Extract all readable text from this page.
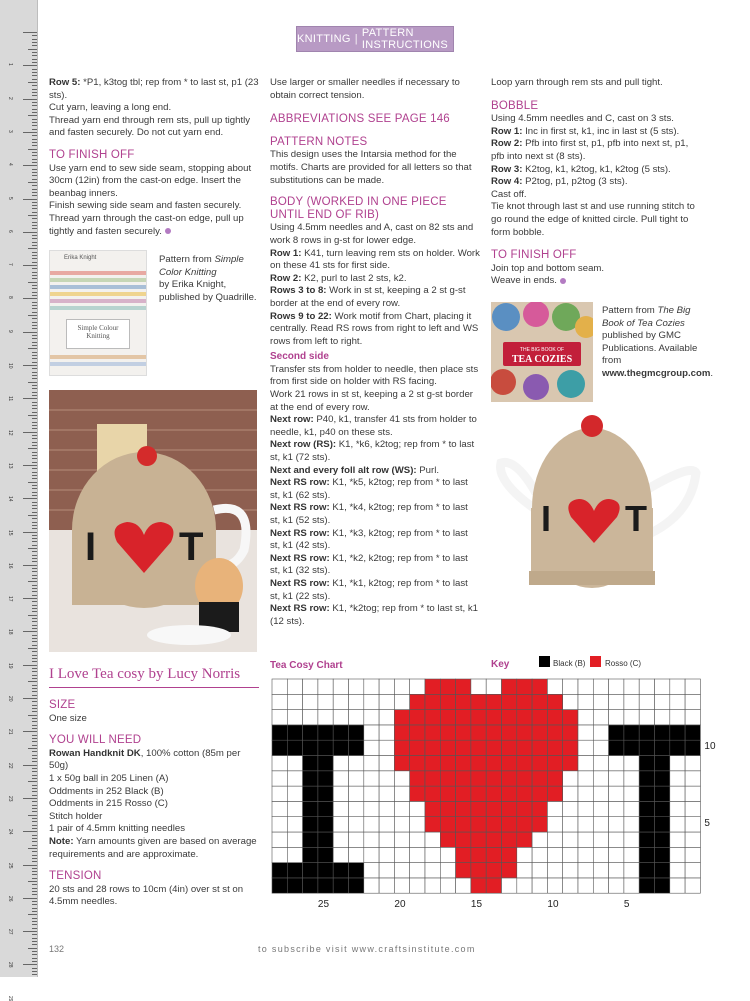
1
2
3
4
5
6
7
8
9
10
11
12
13
14
15
16
17
18
19
20
21
22
23
24
25
26
27
28
29
KNITTING | PATTERN INSTRUCTIONS

Row 5: *P1, k3tog tbl; rep from * to last st, p1 (23 sts).

Cut yarn, leaving a long end.

Thread yarn end through rem sts, pull up tightly and fasten securely. Do not cut yarn end.

TO FINISH OFF

Use yarn end to sew side seam, stopping about 30cm (12in) from the cast-on edge. Insert the beanbag inners.

Finish sewing side seam and fasten securely. Thread yarn through the cast-on edge, pull up tightly and fasten securely.

Erika Knight
Simple Colour Knitting
Pattern from Simple Color Knitting
by Erika Knight, published by Quadrille.
I T
I Love Tea cosy by Lucy Norris
SIZE

One size

YOU WILL NEED

Rowan Handknit DK, 100% cotton (85m per 50g)

1 x 50g ball in 205 Linen (A)

Oddments in 252 Black (B)

Oddments in 215 Rosso (C)

Stitch holder

1 pair of 4.5mm knitting needles

Note: Yarn amounts given are based on average requirements and are approximate.

TENSION

20 sts and 28 rows to 10cm (4in) over st st on 4.5mm needles.

Use larger or smaller needles if necessary to obtain correct tension.

ABBREVIATIONS SEE PAGE 146
PATTERN NOTES

This design uses the Intarsia method for the motifs. Charts are provided for all letters so that substitutions can be made.

BODY (WORKED IN ONE PIECE UNTIL END OF RIB)

Using 4.5mm needles and A, cast on 82 sts and work 8 rows in g-st for lower edge.

Row 1: K41, turn leaving rem sts on holder. Work on these 41 sts for first side.

Row 2: K2, purl to last 2 sts, k2.

Rows 3 to 8: Work in st st, keeping a 2 st g-st border at the end of every row.

Rows 9 to 22: Work motif from Chart, placing it centrally. Read RS rows from right to left and WS rows from left to right.

Second side

Transfer sts from holder to needle, then place sts from first side on holder with RS facing.

Work 21 rows in st st, keeping a 2 st g-st border at the end of every row.

Next row: P40, k1, transfer 41 sts from holder to needle, k1, p40 on these sts.

Next row (RS): K1, *k6, k2tog; rep from * to last st, k1 (72 sts).

Next and every foll alt row (WS): Purl.

Next RS row: K1, *k5, k2tog; rep from * to last st, k1 (62 sts).

Next RS row: K1, *k4, k2tog; rep from * to last st, k1 (52 sts).

Next RS row: K1, *k3, k2tog; rep from * to last st, k1 (42 sts).

Next RS row: K1, *k2, k2tog; rep from * to last st, k1 (32 sts).

Next RS row: K1, *k1, k2tog; rep from * to last st, k1 (22 sts).

Next RS row: K1, *k2tog; rep from * to last st, k1 (12 sts).

Loop yarn through rem sts and pull tight.

BOBBLE

Using 4.5mm needles and C, cast on 3 sts.

Row 1: Inc in first st, k1, inc in last st (5 sts).

Row 2: Pfb into first st, p1, pfb into next st, p1, pfb into next st (8 sts).

Row 3: K2tog, k1, k2tog, k1, k2tog (5 sts).

Row 4: P2tog, p1, p2tog (3 sts).

Cast off.

Tie knot through last st and use running stitch to go round the edge of knitted circle. Pull tight to form bobble.

TO FINISH OFF

Join top and bottom seam.

Weave in ends.

THE BIG BOOK OF
TEA COZIES
Pattern from The Big Book of Tea Cozies published by GMC Publications. Available from www.thegmcgroup.com.
I T
Tea Cosy Chart	Key	Black (B) Rosso (C)
25	20	15	10	5
10
5
132	to subscribe visit www.craftsinstitute.com
